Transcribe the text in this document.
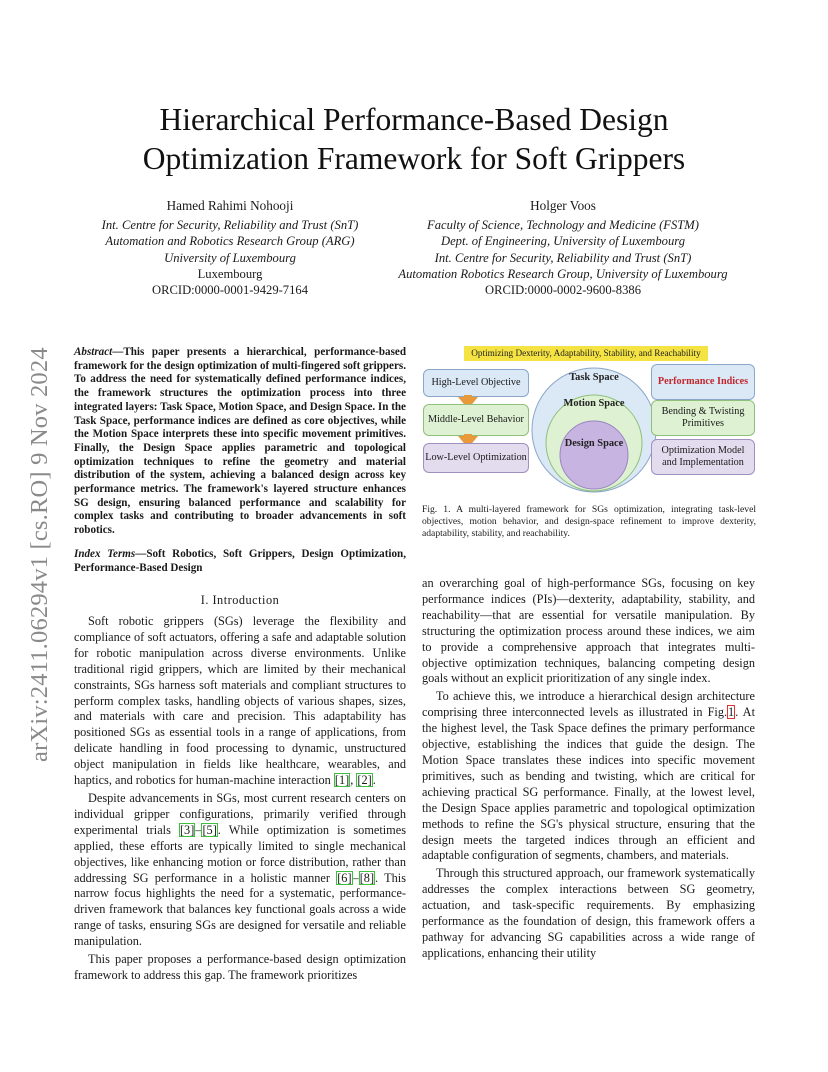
arXiv:2411.06294v1 [cs.RO] 9 Nov 2024
Hierarchical Performance-Based Design
Optimization Framework for Soft Grippers
Hamed Rahimi Nohooji
Int. Centre for Security, Reliability and Trust (SnT)
Automation and Robotics Research Group (ARG)
University of Luxembourg
Luxembourg
ORCID:0000-0001-9429-7164
Holger Voos
Faculty of Science, Technology and Medicine (FSTM)
Dept. of Engineering, University of Luxembourg
Int. Centre for Security, Reliability and Trust (SnT)
Automation Robotics Research Group, University of Luxembourg
ORCID:0000-0002-9600-8386
Abstract—This paper presents a hierarchical, performance-based framework for the design optimization of multi-fingered soft grippers. To address the need for systematically defined performance indices, the framework structures the optimization process into three integrated layers: Task Space, Motion Space, and Design Space. In the Task Space, performance indices are defined as core objectives, while the Motion Space interprets these into specific movement primitives. Finally, the Design Space applies parametric and topological optimization techniques to refine the geometry and material distribution of the system, achieving a balanced design across key performance metrics. The framework's layered structure enhances SG design, ensuring balanced performance and scalability for complex tasks and contributing to broader advancements in soft robotics.
Index Terms—Soft Robotics, Soft Grippers, Design Optimization, Performance-Based Design
I. Introduction

Soft robotic grippers (SGs) leverage the flexibility and compliance of soft actuators, offering a safe and adaptable solution for robotic manipulation across diverse environments. Unlike traditional rigid grippers, which are limited by their mechanical constraints, SGs harness soft materials and compliant structures to perform complex tasks, handling objects of various shapes, sizes, and materials with care and precision. This adaptability has positioned SGs as essential tools in a range of applications, from delicate handling in food processing to dynamic, unstructured object manipulation in fields like healthcare, wearables, and haptics, and robotics for human-machine interaction [1], [2].

Despite advancements in SGs, most current research centers on individual gripper configurations, primarily verified through experimental trials [3]–[5]. While optimization is sometimes applied, these efforts are typically limited to single mechanical objectives, like enhancing motion or force distribution, rather than addressing SG performance in a holistic manner [6]–[8]. This narrow focus highlights the need for a systematic, performance-driven framework that balances key functional goals across a wide range of tasks, ensuring SGs are designed for versatile and reliable manipulation.

This paper proposes a performance-based design optimization framework to address this gap. The framework prioritizes

Optimizing Dexterity, Adaptability, Stability, and Reachability
High-Level Objective
Middle-Level Behavior
Low-Level Optimization
Task Space
Motion Space
Design Space
Performance Indices
Bending & Twisting
Primitives
Optimization Model
and Implementation
Fig. 1. A multi-layered framework for SGs optimization, integrating task-level objectives, motion behavior, and design-space refinement to improve dexterity, adaptability, stability, and reachability.

an overarching goal of high-performance SGs, focusing on key performance indices (PIs)—dexterity, adaptability, stability, and reachability—that are essential for versatile manipulation. By structuring the optimization process around these indices, we aim to provide a comprehensive approach that integrates multi-objective optimization techniques, balancing competing design goals without an explicit prioritization of any single index.

To achieve this, we introduce a hierarchical design architecture comprising three interconnected levels as illustrated in Fig.1. At the highest level, the Task Space defines the primary performance objective, establishing the indices that guide the design. The Motion Space translates these indices into specific movement primitives, such as bending and twisting, which are critical for achieving practical SG performance. Finally, at the lowest level, the Design Space applies parametric and topological optimization methods to refine the SG's physical structure, ensuring that the design meets the targeted indices through an efficient and adaptable configuration of segments, chambers, and materials.

Through this structured approach, our framework systematically addresses the complex interactions between SG geometry, actuation, and task-specific requirements. By emphasizing performance as the foundation of design, this framework offers a pathway for advancing SG capabilities across a wide range of applications, enhancing their utility
